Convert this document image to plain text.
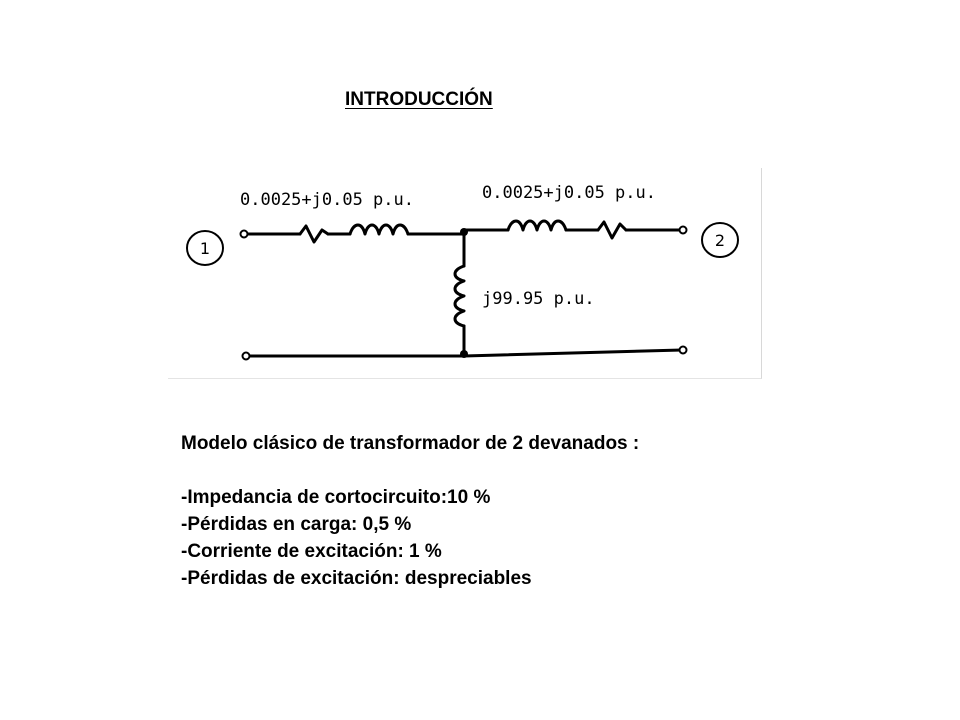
INTRODUCCIÓN
1	2
0.0025+j0.05 p.u.	0.0025+j0.05 p.u.
j99.95 p.u.
Modelo clásico de transformador de 2 devanados :
-Impedancia de cortocircuito:10 %
-Pérdidas en carga: 0,5 %
-Corriente de excitación: 1 %
-Pérdidas de excitación: despreciables
